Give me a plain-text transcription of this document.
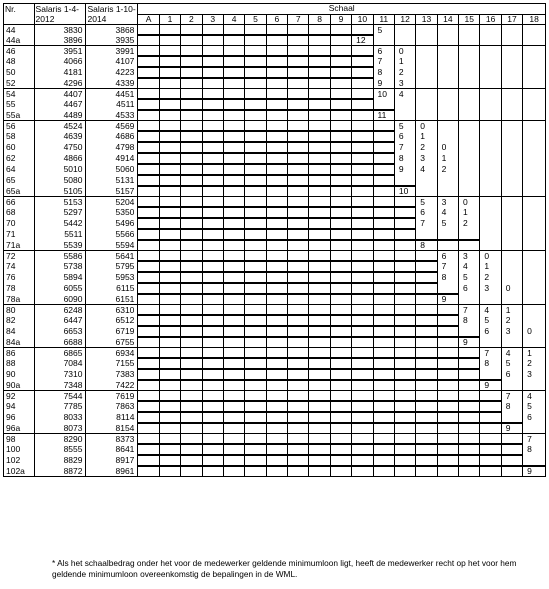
Nr.	Salaris 1-4-2012	Salaris 1-10-2014	Schaal																		
			A	1	2	3	4	5	6	7	8	9	10	11	12	13	14	15	16	17	18
44	3830	3868												5							
44a	3896	3935											12								
46	3951	3991												6	0						
48	4066	4107												7	1						
50	4181	4223												8	2						
52	4296	4339												9	3						
54	4407	4451												10	4						
55	4467	4511																			
55a	4489	4533												11							
56	4524	4569													5	0					
58	4639	4686													6	1					
60	4750	4798													7	2	0				
62	4866	4914													8	3	1				
64	5010	5060													9	4	2				
65	5080	5131																			
65a	5105	5157													10						
66	5153	5204														5	3	0			
68	5297	5350														6	4	1			
70	5442	5496														7	5	2			
71	5511	5566																			
71a	5539	5594														8					
72	5586	5641															6	3	0		
74	5738	5795															7	4	1		
76	5894	5953															8	5	2		
78	6055	6115																6	3	0	
78a	6090	6151															9				
80	6248	6310																7	4	1	
82	6447	6512																8	5	2	
84	6653	6719																	6	3	0
84a	6688	6755																9			
86	6865	6934																	7	4	1
88	7084	7155																	8	5	2
90	7310	7383																		6	3
90a	7348	7422																	9		
92	7544	7619																		7	4
94	7785	7863																		8	5
96	8033	8114																			6
96a	8073	8154																		9	
98	8290	8373																			7
100	8555	8641																			8
102	8829	8917																			
102a	8872	8961																			9
* Als het schaalbedrag onder het voor de medewerker geldende minimumloon ligt, heeft de medewerker recht op het voor hem geldende minimumloon overeenkomstig de bepalingen in de WML.
